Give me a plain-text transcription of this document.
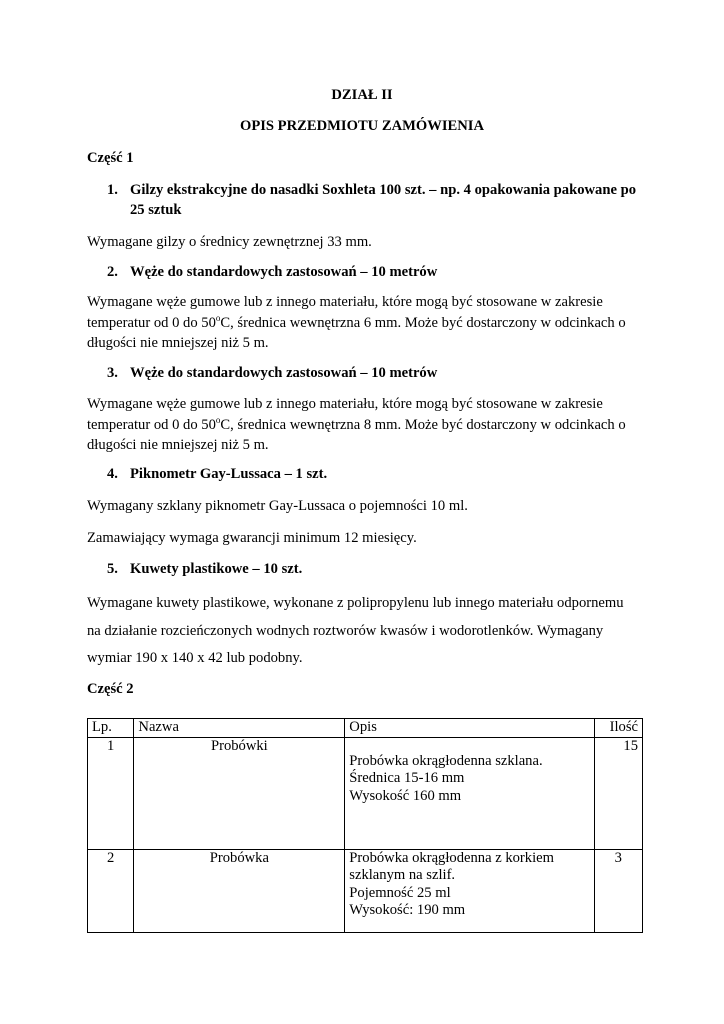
DZIAŁ II
OPIS PRZEDMIOTU ZAMÓWIENIA
Część 1
1. Gilzy ekstrakcyjne do nasadki Soxhleta 100 szt. – np. 4 opakowania pakowane po
25 sztuk
Wymagane gilzy o średnicy zewnętrznej 33 mm.
2. Węże do standardowych zastosowań – 10 metrów
Wymagane węże gumowe lub z innego materiału, które mogą być stosowane w zakresie
temperatur od 0 do 50$^o$C, średnica wewnętrzna 6 mm. Może być dostarczony w odcinkach o
długości nie mniejszej niż 5 m.
3. Węże do standardowych zastosowań – 10 metrów
Wymagane węże gumowe lub z innego materiału, które mogą być stosowane w zakresie
temperatur od 0 do 50$^o$C, średnica wewnętrzna 8 mm. Może być dostarczony w odcinkach o
długości nie mniejszej niż 5 m.
4. Piknometr Gay-Lussaca – 1 szt.
Wymagany szklany piknometr Gay-Lussaca o pojemności 10 ml.
Zamawiający wymaga gwarancji minimum 12 miesięcy.
5. Kuwety plastikowe – 10 szt.
Wymagane kuwety plastikowe, wykonane z polipropylenu lub innego materiału odpornemu
na działanie rozcieńczonych wodnych roztworów kwasów i wodorotlenków. Wymagany
wymiar 190 x 140 x 42 lub podobny.
Część 2
Lp.	Nazwa	Opis	Ilość
1	Probówki	Probówka okrągłodenna szklana.
Średnica 15-16 mm
Wysokość 160 mm	15
2	Probówka	Probówka okrągłodenna z korkiem
szklanym na szlif.
Pojemność 25 ml
Wysokość: 190 mm	3
